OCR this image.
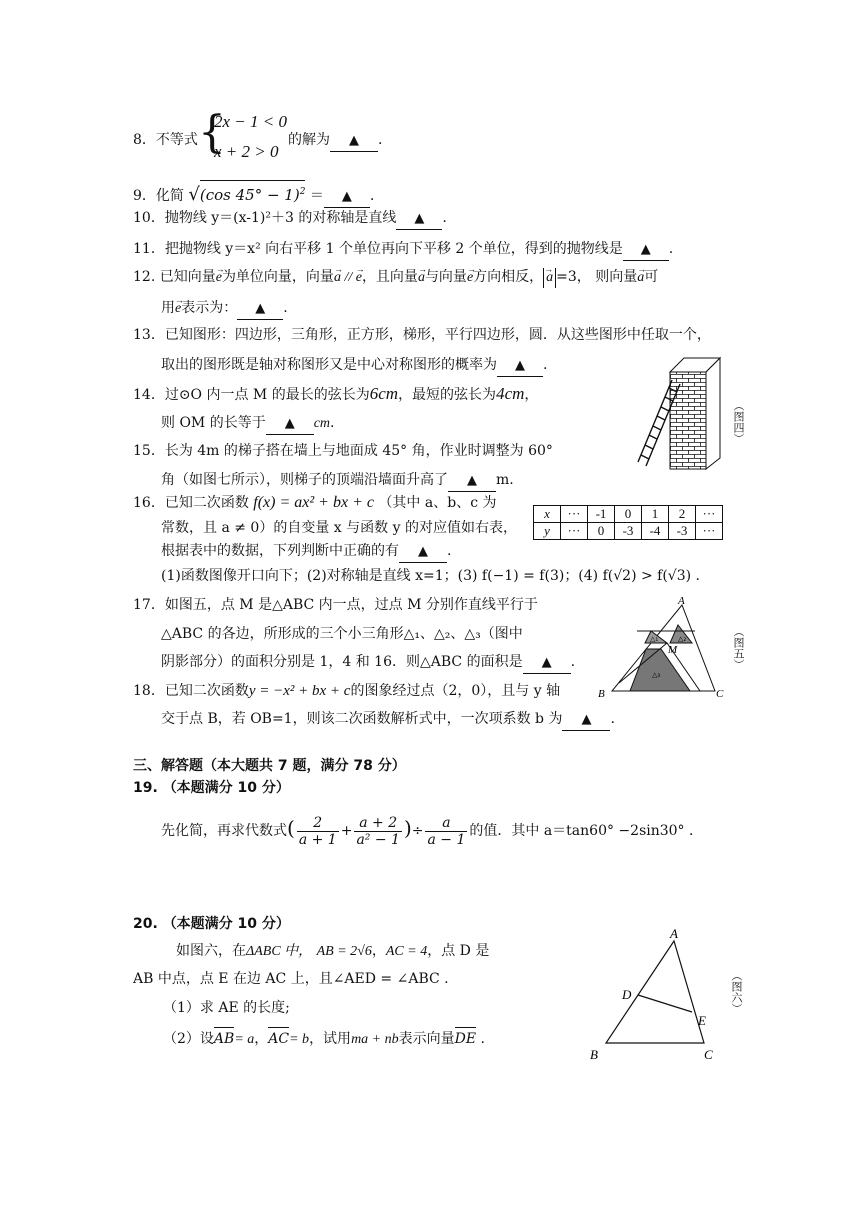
8．不等式 {
2x − 1 < 0
x + 2 > 0
的解为 ▲ .
9．化简 √(cos 45° − 1)$^2$ ＝ ▲ .
10．抛物线 y＝(x-1)²＋3 的对称轴是直线 ▲ .
11．把抛物线 y＝x² 向右平移 1 个单位再向下平移 2 个单位，得到的抛物线是 ▲ .
12. 已知向量→ e为单位向量，向量→ a // → e，且向量→ a与向量→ e方向相反， → a =3， 则向量→ a可
用→ e表示为： ▲ .
13．已知图形：四边形，三角形，正方形，梯形，平行四边形，圆．从这些图形中任取一个，
取出的图形既是轴对称图形又是中心对称图形的概率为 ▲ .
14．过⊙O 内一点 M 的最长的弦长为6cm，最短的弦长为4cm，
则 OM 的长等于 ▲ cm.
15．长为 4m 的梯子搭在墙上与地面成 45° 角，作业时调整为 60°
角（如图七所示），则梯子的顶端沿墙面升高了 ▲ m.
（图四）
16．已知二次函数 f(x) = ax² + bx + c （其中 a、b、c 为
常数，且 a ≠ 0）的自变量 x 与函数 y 的对应值如右表，
根据表中的数据，下列判断中正确的有 ▲ .
(1)函数图像开口向下；(2)对称轴是直线 x=1；(3) f(−1) = f(3)；(4) f(√2) > f(√3) .
x	···	-1	0	1	2	···
y	···	0	-3	-4	-3	···
17．如图五，点 M 是△ABC 内一点，过点 M 分别作直线平行于
△ABC 的各边，所形成的三个小三角形△₁、△₂、△₃（图中
阴影部分）的面积分别是 1，4 和 16．则△ABC 的面积是 ▲ .
A
B	C
M
△₁	△₂
△₃
（图五）
18．已知二次函数y = −x² + bx + c的图象经过点（2，0），且与 y 轴
交于点 B，若 OB=1，则该二次函数解析式中，一次项系数 b 为 ▲ .
三、解答题（本大题共 7 题，满分 78 分）
19. （本题满分 10 分）
先化简，再求代数式( $\frac{2}{a + 1} + \frac{a + 2}{\text{a² − 1}}$ )÷ $\frac{a}{a - 1}$ 的值．其中 a＝tan60° −2sin30° ．
20. （本题满分 10 分）
如图六，在ΔABC 中， AB = 2√6，AC = 4，点 D 是
AB 中点，点 E 在边 AC 上，且∠AED = ∠ABC .
（1）求 AE 的长度;
（2）设AB= a，AC= b，试用ma + nb表示向量DE .
A
B	C
D
E
（图六）
